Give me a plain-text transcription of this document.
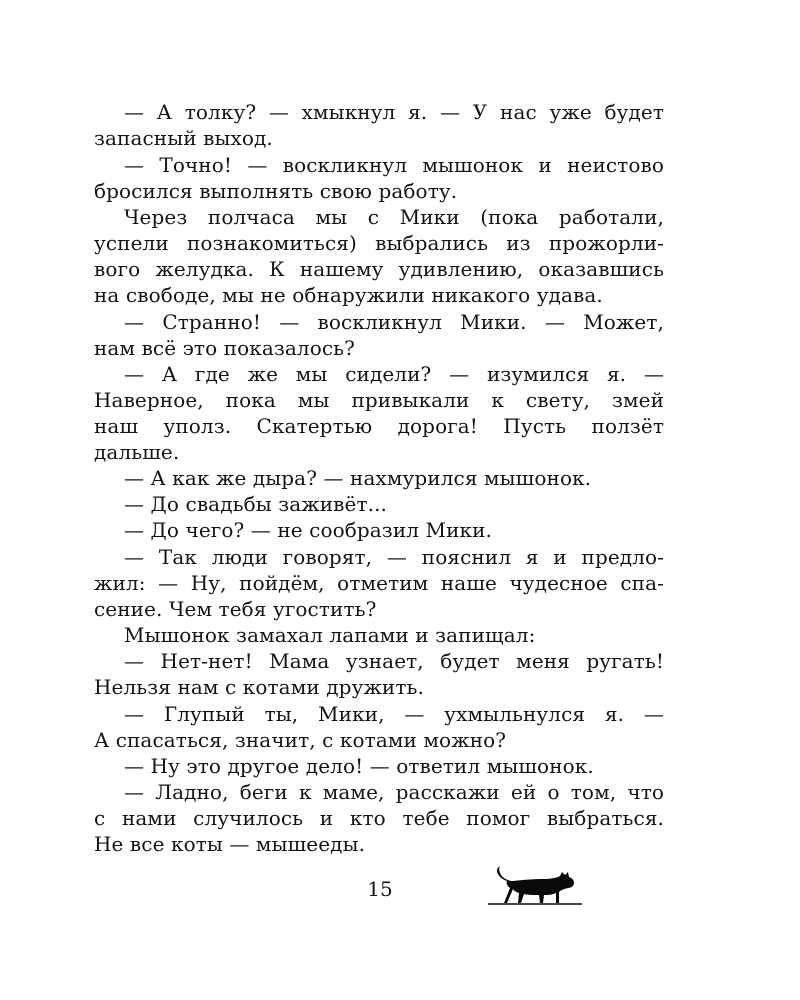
— А толку? — хмыкнул я. — У нас уже будет
запасный выход.
— Точно! — воскликнул мышонок и неистово
бросился выполнять свою работу.
Через полчаса мы с Мики (пока работали,
успели познакомиться) выбрались из прожорли-
вого желудка. К нашему удивлению, оказавшись
на свободе, мы не обнаружили никакого удава.
— Странно! — воскликнул Мики. — Может,
нам всё это показалось?
— А где же мы сидели? — изумился я. —
Наверное, пока мы привыкали к свету, змей
наш уполз. Скатертью дорога! Пусть ползёт
дальше.
— А как же дыра? — нахмурился мышонок.
— До свадьбы заживёт...
— До чего? — не сообразил Мики.
— Так люди говорят, — пояснил я и предло-
жил: — Ну, пойдём, отметим наше чудесное спа-
сение. Чем тебя угостить?
Мышонок замахал лапами и запищал:
— Нет-нет! Мама узнает, будет меня ругать!
Нельзя нам с котами дружить.
— Глупый ты, Мики, — ухмыльнулся я. —
А спасаться, значит, с котами можно?
— Ну это другое дело! — ответил мышонок.
— Ладно, беги к маме, расскажи ей о том, что
с нами случилось и кто тебе помог выбраться.
Не все коты — мышееды.
15
